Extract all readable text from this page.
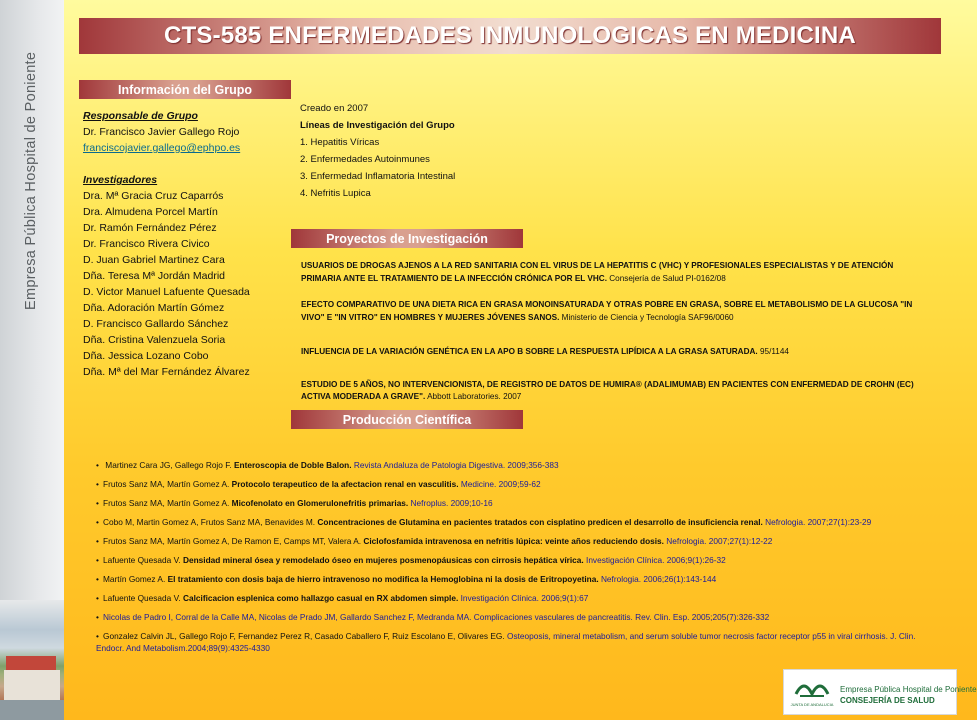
Empresa Pública Hospital de Poniente
CTS-585 ENFERMEDADES INMUNOLOGICAS EN MEDICINA
Información del Grupo
Responsable de Grupo
Dr. Francisco Javier Gallego Rojo
franciscojavier.gallego@ephpo.es
Investigadores
Dra. Mª Gracia Cruz Caparrós
Dra. Almudena Porcel Martín
Dr. Ramón Fernández Pérez
Dr. Francisco Rivera Civico
D. Juan Gabriel Martinez Cara
Dña. Teresa Mª Jordán Madrid
D. Victor Manuel Lafuente Quesada
Dña. Adoración Martín Gómez
D. Francisco Gallardo Sánchez
Dña. Cristina Valenzuela Soria
Dña. Jessica Lozano Cobo
Dña. Mª del Mar Fernández Álvarez
Creado en 2007
Líneas de Investigación del Grupo
1. Hepatitis Víricas
2. Enfermedades Autoinmunes
3. Enfermedad Inflamatoria Intestinal
4. Nefritis Lupica
Proyectos de Investigación
USUARIOS DE DROGAS AJENOS A LA RED SANITARIA CON EL VIRUS DE LA HEPATITIS C (VHC) Y PROFESIONALES ESPECIALISTAS Y DE ATENCIÓN PRIMARIA ANTE EL TRATAMIENTO DE LA INFECCIÓN CRÓNICA POR EL VHC. Consejería de Salud PI-0162/08
EFECTO COMPARATIVO DE UNA DIETA RICA EN GRASA MONOINSATURADA Y OTRAS POBRE EN GRASA, SOBRE EL METABOLISMO DE LA GLUCOSA "IN VIVO" E "IN VITRO" EN HOMBRES Y MUJERES JÓVENES SANOS. Ministerio de Ciencia y Tecnología SAF96/0060
INFLUENCIA DE LA VARIACIÓN GENÉTICA EN LA APO B SOBRE LA RESPUESTA LIPÍDICA A LA GRASA SATURADA. 95/1144
ESTUDIO DE 5 AÑOS, NO INTERVENCIONISTA, DE REGISTRO DE DATOS DE HUMIRA® (ADALIMUMAB) EN PACIENTES CON ENFERMEDAD DE CROHN (EC) ACTIVA MODERADA A GRAVE". Abbott Laboratories. 2007
Producción Científica
• Martinez Cara JG, Gallego Rojo F. Enteroscopia de Doble Balon. Revista Andaluza de Patologia Digestiva. 2009;356-383
• Frutos Sanz MA, Martín Gomez A. Protocolo terapeutico de la afectacion renal en vasculitis. Medicine. 2009;59-62
• Frutos Sanz MA, Martín Gomez A. Micofenolato en Glomerulonefritis primarias. Nefroplus. 2009;10-16
• Cobo M, Martin Gomez A, Frutos Sanz MA, Benavides M. Concentraciones de Glutamina en pacientes tratados con cisplatino predicen el desarrollo de insuficiencia renal. Nefrologia. 2007;27(1):23-29
• Frutos Sanz MA, Martín Gomez A, De Ramon E, Camps MT, Valera A. Ciclofosfamida intravenosa en nefritis lúpica: veinte años reduciendo dosis. Nefrologia. 2007;27(1):12-22
• Lafuente Quesada V. Densidad mineral ósea y remodelado óseo en mujeres posmenopáusicas con cirrosis hepática vírica. Investigación Clínica. 2006;9(1):26-32
• Martín Gomez A. El tratamiento con dosis baja de hierro intravenoso no modifica la Hemoglobina ni la dosis de Eritropoyetina. Nefrologia. 2006;26(1):143-144
• Lafuente Quesada V. Calcificacion esplenica como hallazgo casual en RX abdomen simple. Investigación Clínica. 2006;9(1):67
• Nicolas de Padro I, Corral de la Calle MA, Nicolas de Prado JM, Gallardo Sanchez F, Medranda MA. Complicaciones vasculares de pancreatitis. Rev. Clin. Esp. 2005;205(7):326-332
• Gonzalez Calvin JL, Gallego Rojo F, Fernandez Perez R, Casado Caballero F, Ruiz Escolano E, Olivares EG. Osteoposis, mineral metabolism, and serum soluble tumor necrosis factor receptor p55 in viral cirrhosis. J. Clin. Endocr. And Metabolism.2004;89(9):4325-4330
JUNTA DE ANDALUCIA
Empresa Pública Hospital de Poniente
CONSEJERÍA DE SALUD
